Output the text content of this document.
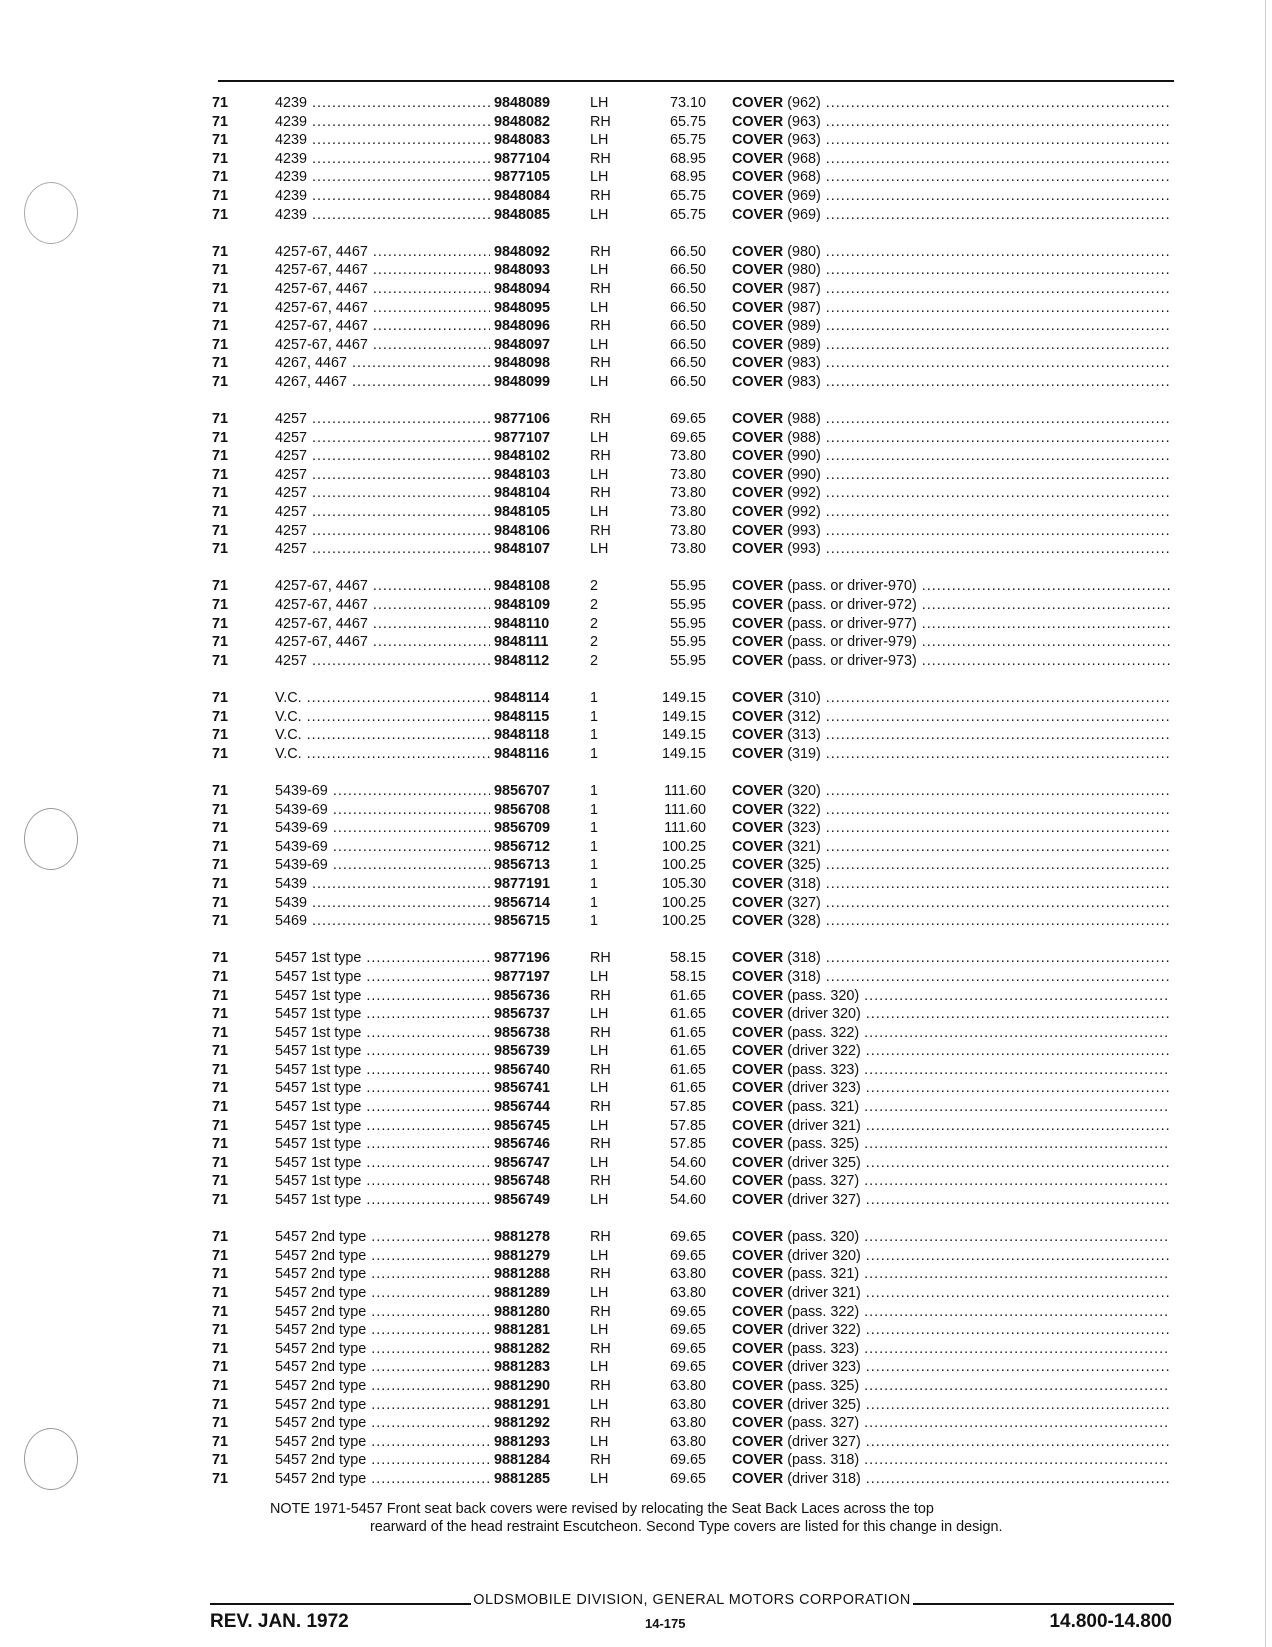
71	4239 .....	9848089	LH	73.10 COVER (962) .....
71	4239 .....	9848082	RH	65.75 COVER (963) .....
71	4239 .....	9848083	LH	65.75 COVER (963) .....
71	4239 .....	9877104	RH	68.95 COVER (968) .....
71	4239 .....	9877105	LH	68.95 COVER (968) .....
71	4239 .....	9848084	RH	65.75 COVER (969) .....
71	4239 .....	9848085	LH	65.75 COVER (969) .....
71	4257-67, 4467 .....	9848092	RH	66.50 COVER (980) .....
71	4257-67, 4467 .....	9848093	LH	66.50 COVER (980) .....
71	4257-67, 4467 .....	9848094	RH	66.50 COVER (987) .....
71	4257-67, 4467 .....	9848095	LH	66.50 COVER (987) .....
71	4257-67, 4467 .....	9848096	RH	66.50 COVER (989) .....
71	4257-67, 4467 .....	9848097	LH	66.50 COVER (989) .....
71	4267, 4467 .....	9848098	RH	66.50 COVER (983) .....
71	4267, 4467 .....	9848099	LH	66.50 COVER (983) .....
71	4257 .....	9877106	RH	69.65 COVER (988) .....
71	4257 .....	9877107	LH	69.65 COVER (988) .....
71	4257 .....	9848102	RH	73.80 COVER (990) .....
71	4257 .....	9848103	LH	73.80 COVER (990) .....
71	4257 .....	9848104	RH	73.80 COVER (992) .....
71	4257 .....	9848105	LH	73.80 COVER (992) .....
71	4257 .....	9848106	RH	73.80 COVER (993) .....
71	4257 .....	9848107	LH	73.80 COVER (993) .....
71	4257-67, 4467 .....	9848108	2	55.95 COVER (pass. or driver-970) .....
71	4257-67, 4467 .....	9848109	2	55.95 COVER (pass. or driver-972) .....
71	4257-67, 4467 .....	9848110	2	55.95 COVER (pass. or driver-977) .....
71	4257-67, 4467 .....	9848111	2	55.95 COVER (pass. or driver-979) .....
71	4257 .....	9848112	2	55.95 COVER (pass. or driver-973) .....
71	V.C. .....	9848114	1	149.15 COVER (310) .....
71	V.C. .....	9848115	1	149.15 COVER (312) .....
71	V.C. .....	9848118	1	149.15 COVER (313) .....
71	V.C. .....	9848116	1	149.15 COVER (319) .....
71	5439-69 .....	9856707	1	111.60 COVER (320) .....
71	5439-69 .....	9856708	1	111.60 COVER (322) .....
71	5439-69 .....	9856709	1	111.60 COVER (323) .....
71	5439-69 .....	9856712	1	100.25 COVER (321) .....
71	5439-69 .....	9856713	1	100.25 COVER (325) .....
71	5439 .....	9877191	1	105.30 COVER (318) .....
71	5439 .....	9856714	1	100.25 COVER (327) .....
71	5469 .....	9856715	1	100.25 COVER (328) .....
71	5457 1st type .....	9877196	RH	58.15 COVER (318) .....
71	5457 1st type .....	9877197	LH	58.15 COVER (318) .....
71	5457 1st type .....	9856736	RH	61.65 COVER (pass. 320) .....
71	5457 1st type .....	9856737	LH	61.65 COVER (driver 320) .....
71	5457 1st type .....	9856738	RH	61.65 COVER (pass. 322) .....
71	5457 1st type .....	9856739	LH	61.65 COVER (driver 322) .....
71	5457 1st type .....	9856740	RH	61.65 COVER (pass. 323) .....
71	5457 1st type .....	9856741	LH	61.65 COVER (driver 323) .....
71	5457 1st type .....	9856744	RH	57.85 COVER (pass. 321) .....
71	5457 1st type .....	9856745	LH	57.85 COVER (driver 321) .....
71	5457 1st type .....	9856746	RH	57.85 COVER (pass. 325) .....
71	5457 1st type .....	9856747	LH	54.60 COVER (driver 325) .....
71	5457 1st type .....	9856748	RH	54.60 COVER (pass. 327) .....
71	5457 1st type .....	9856749	LH	54.60 COVER (driver 327) .....
71	5457 2nd type .....	9881278	RH	69.65 COVER (pass. 320) .....
71	5457 2nd type .....	9881279	LH	69.65 COVER (driver 320) .....
71	5457 2nd type .....	9881288	RH	63.80 COVER (pass. 321) .....
71	5457 2nd type .....	9881289	LH	63.80 COVER (driver 321) .....
71	5457 2nd type .....	9881280	RH	69.65 COVER (pass. 322) .....
71	5457 2nd type .....	9881281	LH	69.65 COVER (driver 322) .....
71	5457 2nd type .....	9881282	RH	69.65 COVER (pass. 323) .....
71	5457 2nd type .....	9881283	LH	69.65 COVER (driver 323) .....
71	5457 2nd type .....	9881290	RH	63.80 COVER (pass. 325) .....
71	5457 2nd type .....	9881291	LH	63.80 COVER (driver 325) .....
71	5457 2nd type .....	9881292	RH	63.80 COVER (pass. 327) .....
71	5457 2nd type .....	9881293	LH	63.80 COVER (driver 327) .....
71	5457 2nd type .....	9881284	RH	69.65 COVER (pass. 318) .....
71	5457 2nd type .....	9881285	LH	69.65 COVER (driver 318) .....
NOTE 1971-5457 Front seat back covers were revised by relocating the Seat Back Laces across the top
rearward of the head restraint Escutcheon. Second Type covers are listed for this change in design.
OLDSMOBILE DIVISION, GENERAL MOTORS CORPORATION
REV. JAN. 1972	14-175	14.800-14.800
